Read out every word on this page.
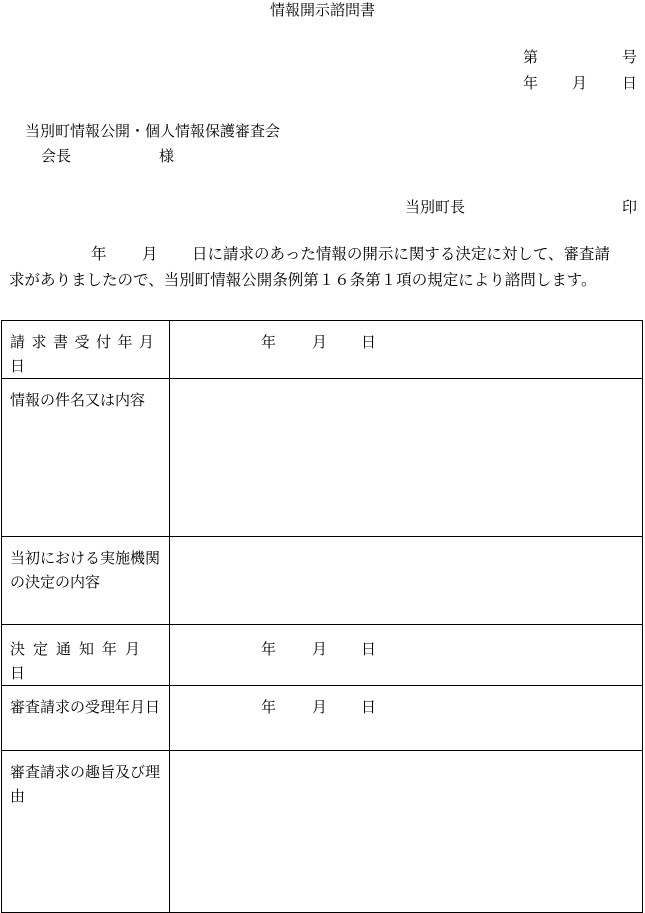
情報開示諮問書
第	号
年 月 日
当別町情報公開・個人情報保護審査会
会長	様
当別町長	印
年 月 日に請求のあった情報の開示に関する決定に対して、審査請
求がありましたので、当別町情報公開条例第１６条第１項の規定により諮問します。
請求書受付年月日	年 月 日

情報の件名又は内容	
当初における実施機関の決定の内容	
決定通知年月日	年 月 日

審査請求の受理年月日	年 月 日

審査請求の趣旨及び理由	
